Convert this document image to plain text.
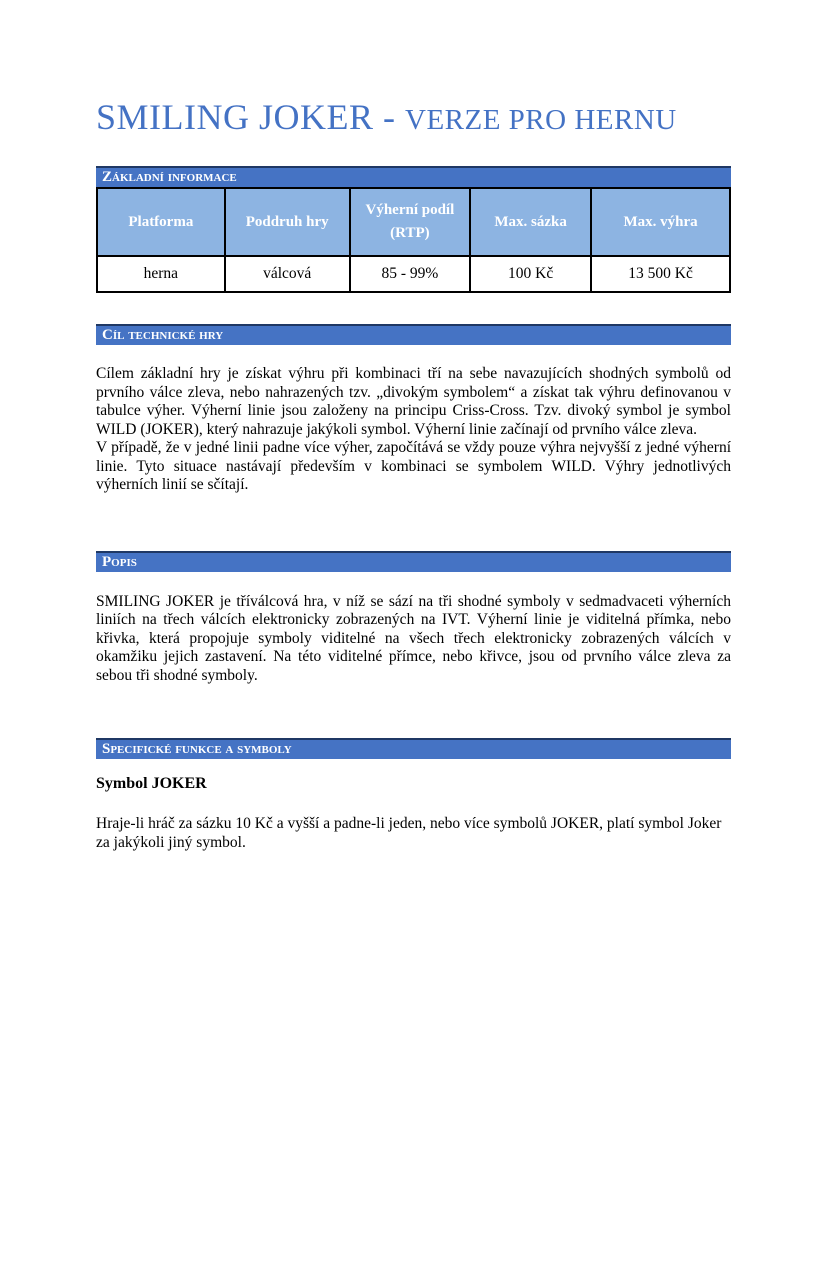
SMILING JOKER - VERZE PRO HERNU
Základní informace
Platforma	Poddruh hry	Výherní podíl (RTP)	Max. sázka	Max. výhra
herna	válcová	85 - 99%	100 Kč	13 500 Kč
Cíl technické hry

Cílem základní hry je získat výhru při kombinaci tří na sebe navazujících shodných symbolů od prvního válce zleva, nebo nahrazených tzv. „divokým symbolem“ a získat tak výhru definovanou v tabulce výher. Výherní linie jsou založeny na principu Criss-Cross. Tzv. divoký symbol je symbol WILD (JOKER), který nahrazuje jakýkoli symbol. Výherní linie začínají od prvního válce zleva.

V případě, že v jedné linii padne více výher, započítává se vždy pouze výhra nejvyšší z jedné výherní linie. Tyto situace nastávají především v kombinaci se symbolem WILD. Výhry jednotlivých výherních linií se sčítají.

Popis

SMILING JOKER je tříválcová hra, v níž se sází na tři shodné symboly v sedmadvaceti výherních liniích na třech válcích elektronicky zobrazených na IVT. Výherní linie je viditelná přímka, nebo křivka, která propojuje symboly viditelné na všech třech elektronicky zobrazených válcích v okamžiku jejich zastavení. Na této viditelné přímce, nebo křivce, jsou od prvního válce zleva za sebou tři shodné symboly.

Specifické funkce a symboly

Symbol JOKER

Hraje-li hráč za sázku 10 Kč a vyšší a padne-li jeden, nebo více symbolů JOKER, platí symbol Joker za jakýkoli jiný symbol.
